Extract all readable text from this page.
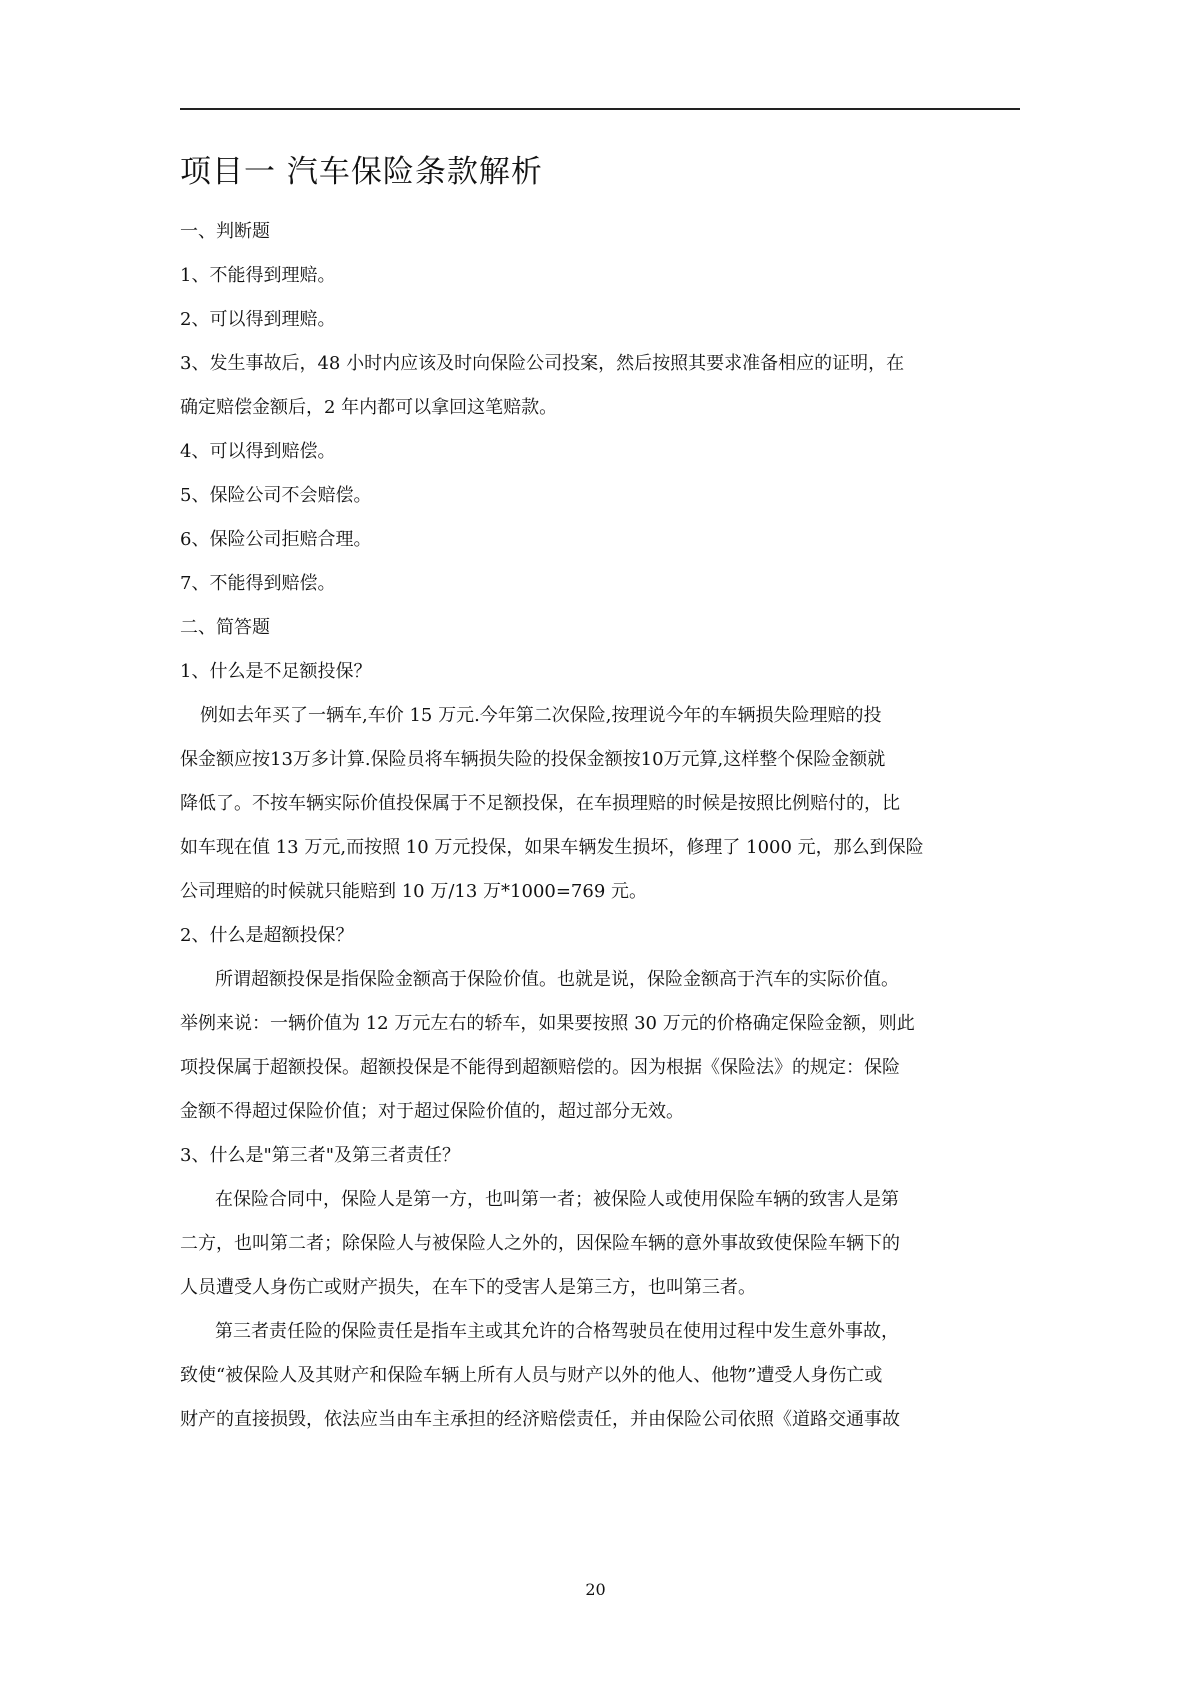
项目一 汽车保险条款解析

一、判断题

1、不能得到理赔。

2、可以得到理赔。

3、发生事故后，48 小时内应该及时向保险公司投案，然后按照其要求准备相应的证明，在

确定赔偿金额后，2 年内都可以拿回这笔赔款。

4、可以得到赔偿。

5、保险公司不会赔偿。

6、保险公司拒赔合理。

7、不能得到赔偿。

二、简答题

1、什么是不足额投保？

例如去年买了一辆车,车价 15 万元.今年第二次保险,按理说今年的车辆损失险理赔的投

保金额应按13万多计算.保险员将车辆损失险的投保金额按10万元算,这样整个保险金额就

降低了。不按车辆实际价值投保属于不足额投保，在车损理赔的时候是按照比例赔付的，比

如车现在值 13 万元,而按照 10 万元投保，如果车辆发生损坏，修理了 1000 元，那么到保险

公司理赔的时候就只能赔到 10 万/13 万*1000=769 元。

2、什么是超额投保？

所谓超额投保是指保险金额高于保险价值。也就是说，保险金额高于汽车的实际价值。

举例来说：一辆价值为 12 万元左右的轿车，如果要按照 30 万元的价格确定保险金额，则此

项投保属于超额投保。超额投保是不能得到超额赔偿的。因为根据《保险法》的规定：保险

金额不得超过保险价值；对于超过保险价值的，超过部分无效。

3、什么是"第三者"及第三者责任？

在保险合同中，保险人是第一方，也叫第一者；被保险人或使用保险车辆的致害人是第

二方，也叫第二者；除保险人与被保险人之外的，因保险车辆的意外事故致使保险车辆下的

人员遭受人身伤亡或财产损失，在车下的受害人是第三方，也叫第三者。

第三者责任险的保险责任是指车主或其允许的合格驾驶员在使用过程中发生意外事故，

致使“被保险人及其财产和保险车辆上所有人员与财产以外的他人、他物”遭受人身伤亡或

财产的直接损毁，依法应当由车主承担的经济赔偿责任，并由保险公司依照《道路交通事故

20
